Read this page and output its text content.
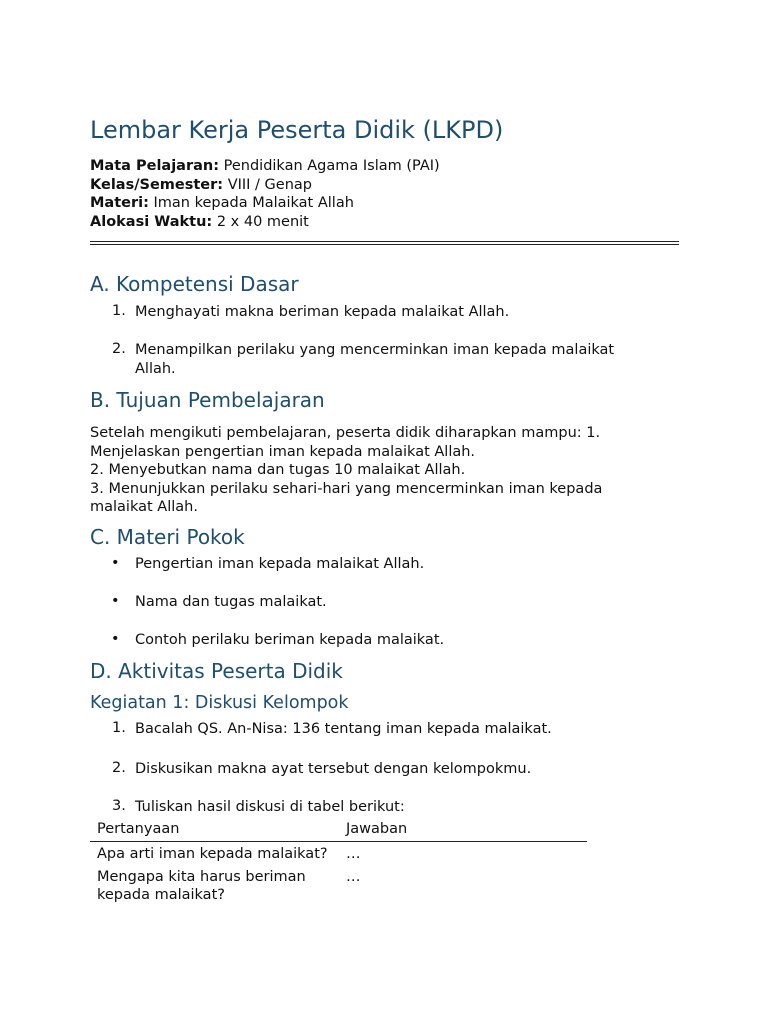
Lembar Kerja Peserta Didik (LKPD)
Mata Pelajaran: Pendidikan Agama Islam (PAI)
Kelas/Semester: VIII / Genap
Materi: Iman kepada Malaikat Allah
Alokasi Waktu: 2 x 40 menit
A. Kompetensi Dasar
1. Menghayati makna beriman kepada malaikat Allah.
2. Menampilkan perilaku yang mencerminkan iman kepada malaikat Allah.
B. Tujuan Pembelajaran
Setelah mengikuti pembelajaran, peserta didik diharapkan mampu: 1. Menjelaskan pengertian iman kepada malaikat Allah.
2. Menyebutkan nama dan tugas 10 malaikat Allah.
3. Menunjukkan perilaku sehari-hari yang mencerminkan iman kepada malaikat Allah.
C. Materi Pokok
•	Pengertian iman kepada malaikat Allah.
•	Nama dan tugas malaikat.
•	Contoh perilaku beriman kepada malaikat.
D. Aktivitas Peserta Didik
Kegiatan 1: Diskusi Kelompok
1. Bacalah QS. An-Nisa: 136 tentang iman kepada malaikat.
2. Diskusikan makna ayat tersebut dengan kelompokmu.
3. Tuliskan hasil diskusi di tabel berikut:
Pertanyaan	Jawaban
Apa arti iman kepada malaikat?	…
Mengapa kita harus beriman kepada malaikat?	…
